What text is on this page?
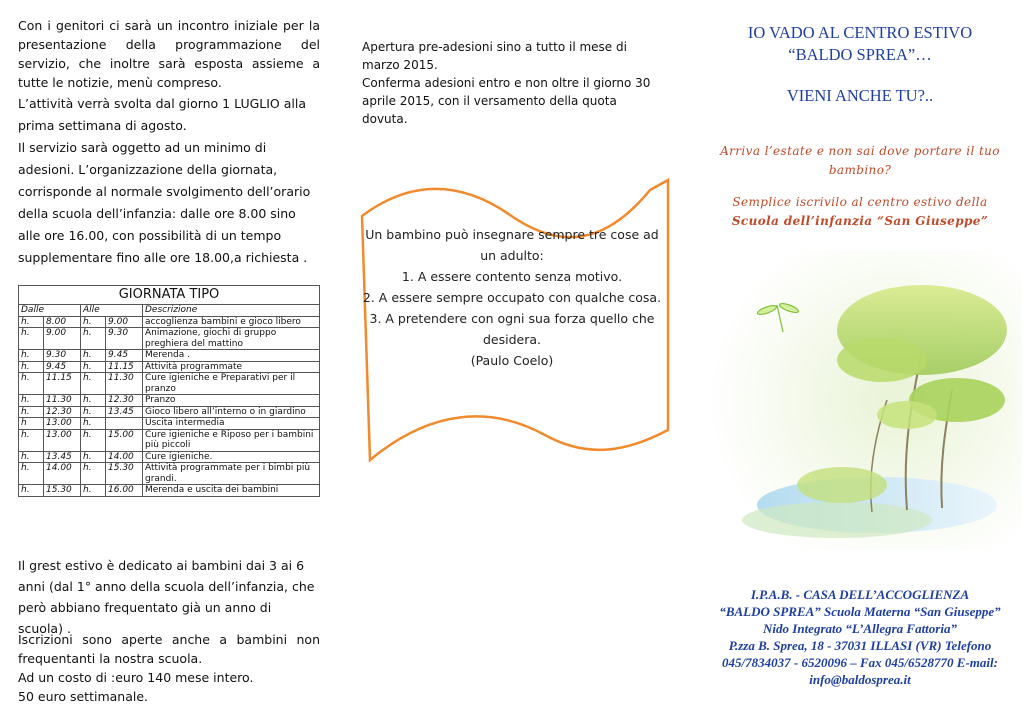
Con i genitori ci sarà un incontro iniziale per la presentazione della programmazione del servizio, che inoltre sarà esposta assieme a tutte le notizie, menù compreso.

L’attività verrà svolta dal giorno 1 LUGLIO alla prima settimana di agosto.

Il servizio sarà oggetto ad un minimo di adesioni. L’organizzazione della giornata, corrisponde al normale svolgimento dell’orario della scuola dell’infanzia: dalle ore 8.00 sino alle ore 16.00, con possibilità di un tempo supplementare fino alle ore 18.00,a richiesta .

GIORNATA TIPO				
Dalle		Alle		Descrizione
h.	8.00	h.	9.00	accoglienza bambini e gioco libero
h.	9.00	h.	9.30	Animazione, giochi di gruppo preghiera del mattino
h.	9.30	h.	9.45	Merenda .
h.	9.45	h.	11.15	Attività programmate
h.	11.15	h.	11.30	Cure igieniche e Preparativi per il pranzo
h.	11.30	h.	12.30	Pranzo
h.	12.30	h.	13.45	Gioco libero all’interno o in giardino
h	13.00	h.		Uscita intermedia
h.	13.00	h.	15.00	Cure igieniche e Riposo per i bambini più piccoli
h.	13.45	h.	14.00	Cure igieniche.
h.	14.00	h.	15.30	Attività programmate per i bimbi più grandi.
h.	15.30	h.	16.00	Merenda e uscita dei bambini

Il grest estivo è dedicato ai bambini dai 3 ai 6 anni (dal 1° anno della scuola dell’infanzia, che però abbiano frequentato già un anno di scuola) .

Iscrizioni sono aperte anche a bambini non frequentanti la nostra scuola.

Ad un costo di :euro 140 mese intero.

50 euro settimanale.

Apertura pre-adesioni sino a tutto il mese di marzo 2015.

Conferma adesioni entro e non oltre il giorno 30 aprile 2015, con il versamento della quota dovuta.

Un bambino può insegnare sempre tre cose ad un adulto:
1. A essere contento senza motivo.
2. A essere sempre occupato con qualche cosa.
3. A pretendere con ogni sua forza quello che desidera.
(Paulo Coelo)
IO VADO AL CENTRO ESTIVO
“BALDO SPREA”…
VIENI ANCHE TU?..
Arriva l’estate e non sai dove portare il tuo bambino?
Semplice iscrivilo al centro estivo della
Scuola dell’infanzia “San Giuseppe”
I.P.A.B. - CASA DELL’ACCOGLIENZA
“BALDO SPREA” Scuola Materna “San Giuseppe”
Nido Integrato “L’Allegra Fattoria”
P.zza B. Sprea, 18 - 37031 ILLASI (VR) Telefono 045/7834037 - 6520096 – Fax 045/6528770 E-mail: info@baldosprea.it
